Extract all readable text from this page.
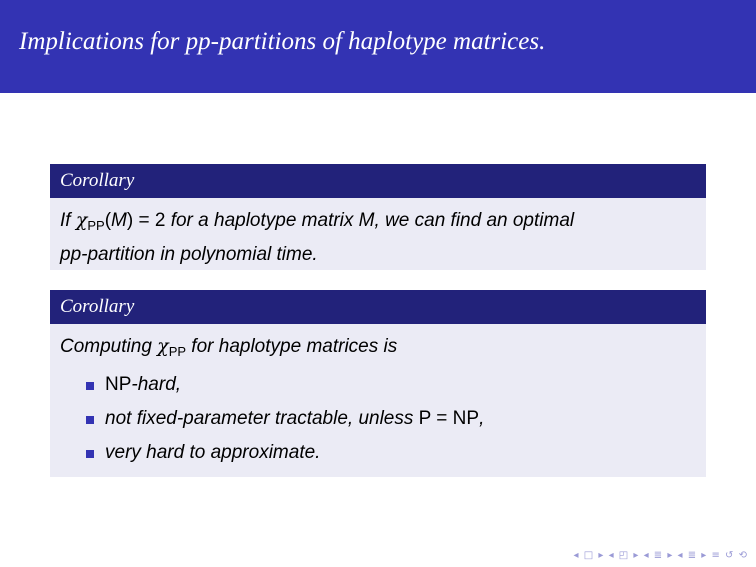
Implications for pp-partitions of haplotype matrices.
Corollary

If $\chi_{PP}(M) = 2$ for a haplotype matrix M, we can find an optimal

pp-partition in polynomial time.

Corollary

Computing $\chi_{PP}$ for haplotype matrices is

NP-hard,
not fixed-parameter tractable, unless P = NP,
very hard to approximate.
◂ □ ▸ ◂ ◰ ▸ ◂ ≣ ▸ ◂ ≣ ▸ ≡ ↺ ⟲
